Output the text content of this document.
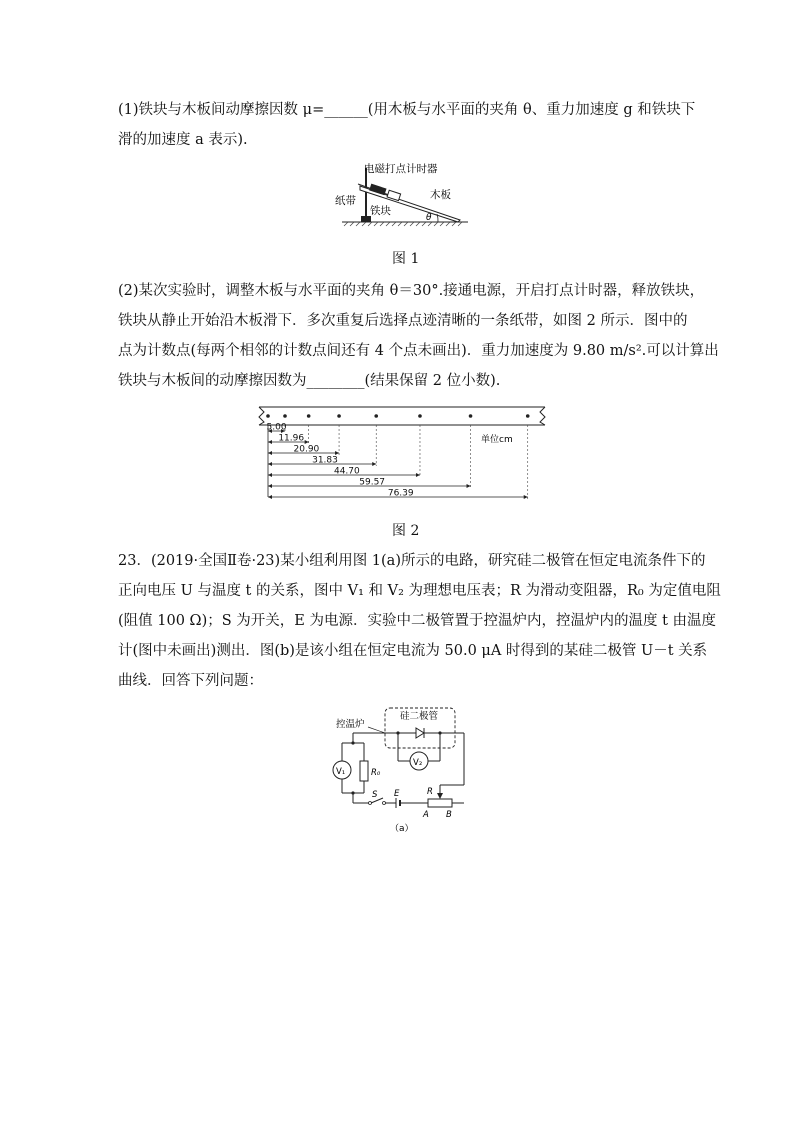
(1)铁块与木板间动摩擦因数 μ=______(用木板与水平面的夹角 θ、重力加速度 g 和铁块下
滑的加速度 a 表示).
电磁打点计时器
木板
纸带
铁块
θ
图 1
(2)某次实验时，调整木板与水平面的夹角 θ＝30°.接通电源，开启打点计时器，释放铁块，
铁块从静止开始沿木板滑下．多次重复后选择点迹清晰的一条纸带，如图 2 所示．图中的
点为计数点(每两个相邻的计数点间还有 4 个点未画出)．重力加速度为 9.80 m/s².可以计算出
铁块与木板间的动摩擦因数为________(结果保留 2 位小数).
5.00
11.96
20.90
31.83
44.70
59.57
76.39
单位cm
图 2
23．(2019·全国Ⅱ卷·23)某小组利用图 1(a)所示的电路，研究硅二极管在恒定电流条件下的
正向电压 U 与温度 t 的关系，图中 V₁ 和 V₂ 为理想电压表；R 为滑动变阻器，R₀ 为定值电阻
(阻值 100 Ω)；S 为开关，E 为电源．实验中二极管置于控温炉内，控温炉内的温度 t 由温度
计(图中未画出)测出．图(b)是该小组在恒定电流为 50.0 μA 时得到的某硅二极管 U－t 关系
曲线．回答下列问题：
硅二极管
控温炉
V₂
V₁	R₀
S E	R
A B
（a）
